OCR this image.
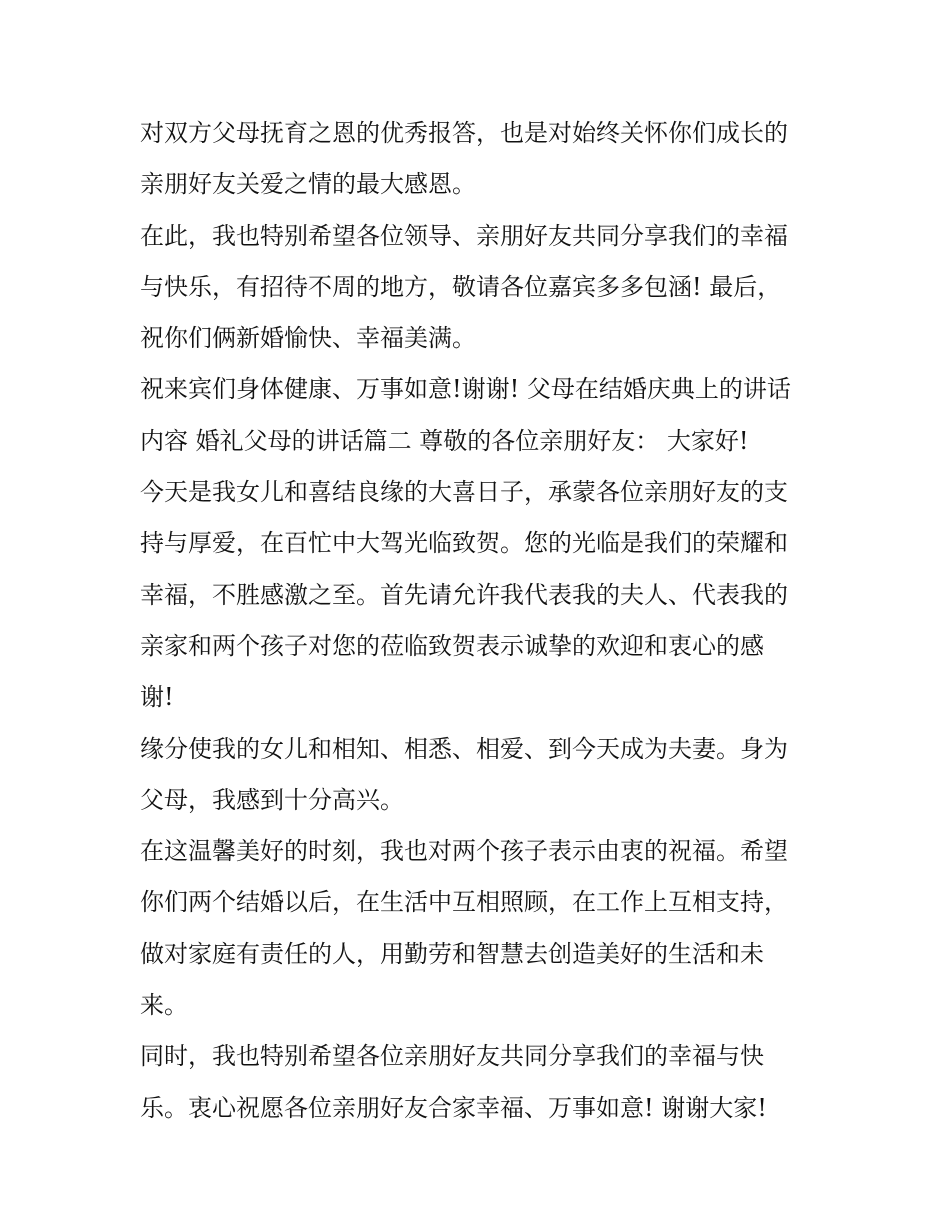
对双方父母抚育之恩的优秀报答，也是对始终关怀你们成长的
亲朋好友关爱之情的最大感恩。
在此，我也特别希望各位领导、亲朋好友共同分享我们的幸福
与快乐，有招待不周的地方，敬请各位嘉宾多多包涵! 最后，
祝你们俩新婚愉快、幸福美满。
祝来宾们身体健康、万事如意!谢谢! 父母在结婚庆典上的讲话
内容 婚礼父母的讲话篇二 尊敬的各位亲朋好友： 大家好!
今天是我女儿和喜结良缘的大喜日子，承蒙各位亲朋好友的支
持与厚爱，在百忙中大驾光临致贺。您的光临是我们的荣耀和
幸福，不胜感激之至。首先请允许我代表我的夫人、代表我的
亲家和两个孩子对您的莅临致贺表示诚挚的欢迎和衷心的感
谢!
缘分使我的女儿和相知、相悉、相爱、到今天成为夫妻。身为
父母，我感到十分高兴。
在这温馨美好的时刻，我也对两个孩子表示由衷的祝福。希望
你们两个结婚以后，在生活中互相照顾，在工作上互相支持，
做对家庭有责任的人，用勤劳和智慧去创造美好的生活和未
来。
同时，我也特别希望各位亲朋好友共同分享我们的幸福与快
乐。衷心祝愿各位亲朋好友合家幸福、万事如意! 谢谢大家!
